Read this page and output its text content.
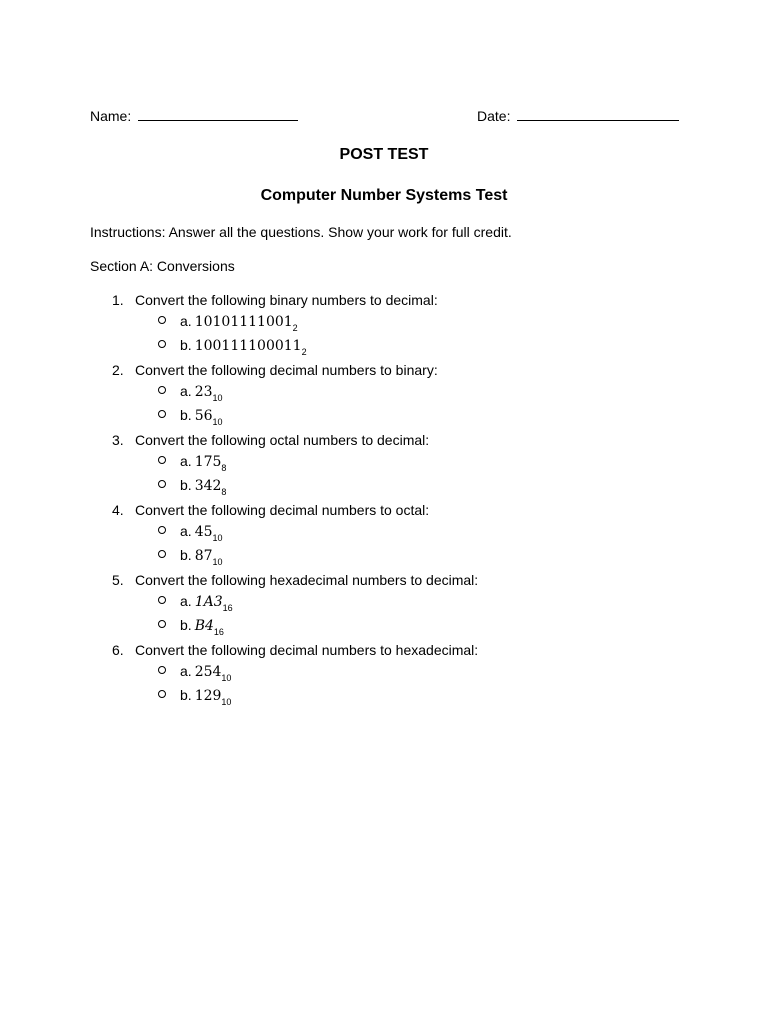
Name:	Date:
POST TEST
Computer Number Systems Test
Instructions: Answer all the questions. Show your work for full credit.
Section A: Conversions
1. Convert the following binary numbers to decimal:
a. $10101111001_2$
b. $100111100011_2$
2. Convert the following decimal numbers to binary:
a. $23_{10}$
b. $56_{10}$
3. Convert the following octal numbers to decimal:
a. $175_8$
b. $342_8$
4. Convert the following decimal numbers to octal:
a. $45_{10}$
b. $87_{10}$
5. Convert the following hexadecimal numbers to decimal:
a. $1A3_{16}$
b. $B4_{16}$
6. Convert the following decimal numbers to hexadecimal:
a. $254_{10}$
b. $129_{10}$
